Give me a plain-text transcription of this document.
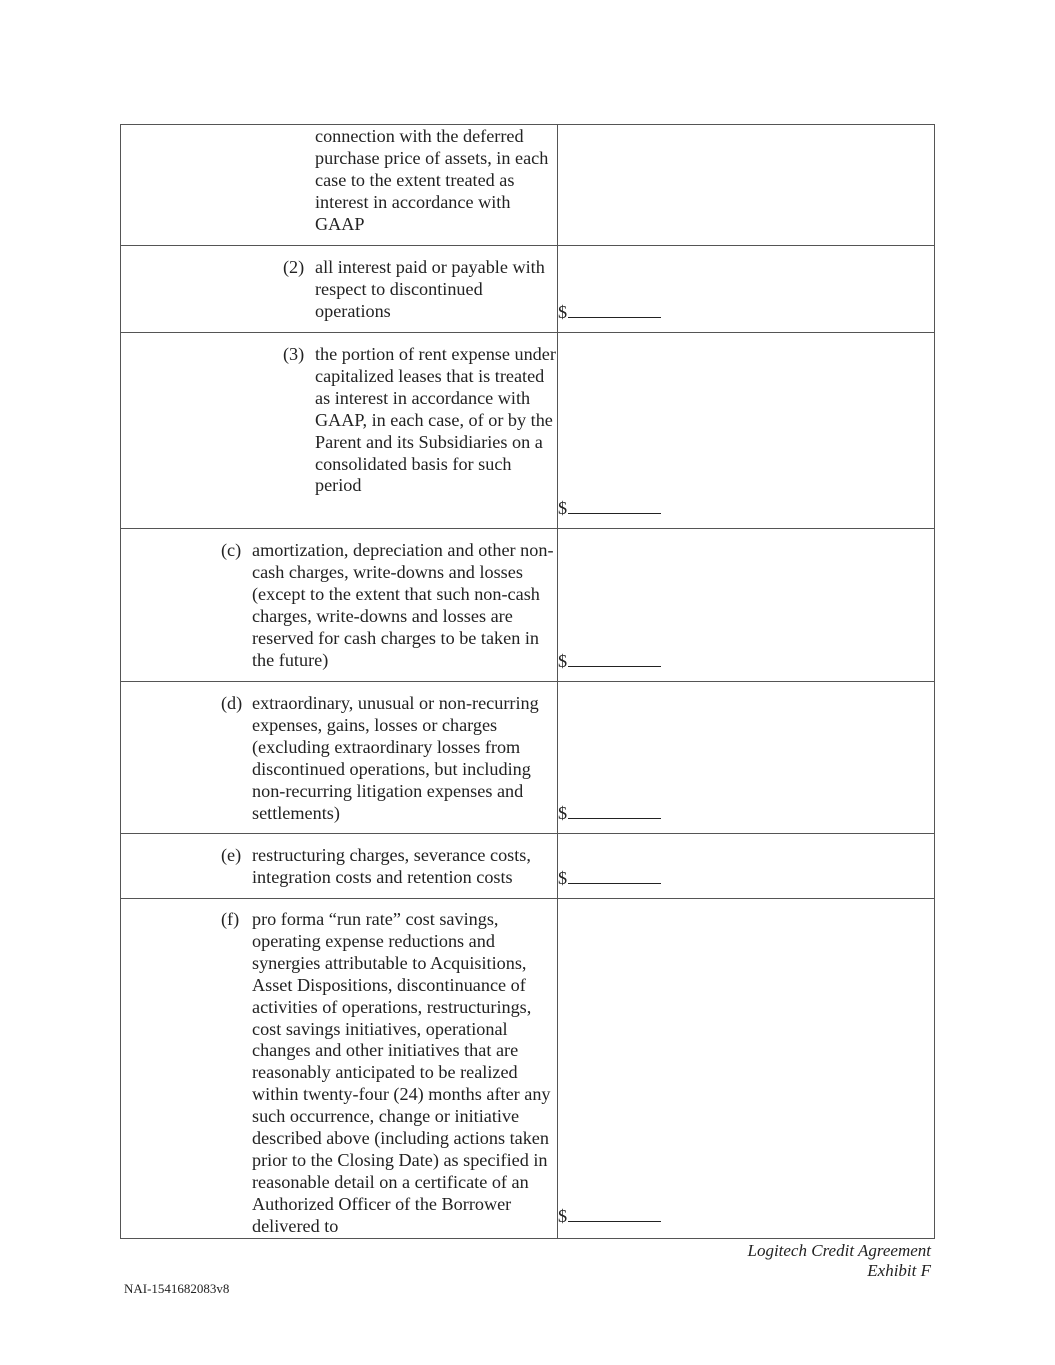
connection with the deferred purchase price of assets, in each case to the extent treated as interest in accordance with GAAP	

(2) all interest paid or payable with respect to discontinued operations	$

(3) the portion of rent expense under capitalized leases that is treated as interest in accordance with GAAP, in each case, of or by the Parent and its Subsidiaries on a consolidated basis for such period	$

(c) amortization, depreciation and other non-cash charges, write-downs and losses (except to the extent that such non-cash charges, write-downs and losses are reserved for cash charges to be taken in the future)	$

(d) extraordinary, unusual or non-recurring expenses, gains, losses or charges (excluding extraordinary losses from discontinued operations, but including non-recurring litigation expenses and settlements)	$

(e) restructuring charges, severance costs, integration costs and retention costs	$

(f) pro forma “run rate” cost savings, operating expense reductions and synergies attributable to Acquisitions, Asset Dispositions, discontinuance of activities of operations, restructurings, cost savings initiatives, operational changes and other initiatives that are reasonably anticipated to be realized within twenty-four (24) months after any such occurrence, change or initiative described above (including actions taken prior to the Closing Date) as specified in reasonable detail on a certificate of an Authorized Officer of the Borrower delivered to	$
Logitech Credit Agreement
Exhibit F
NAI-1541682083v8
